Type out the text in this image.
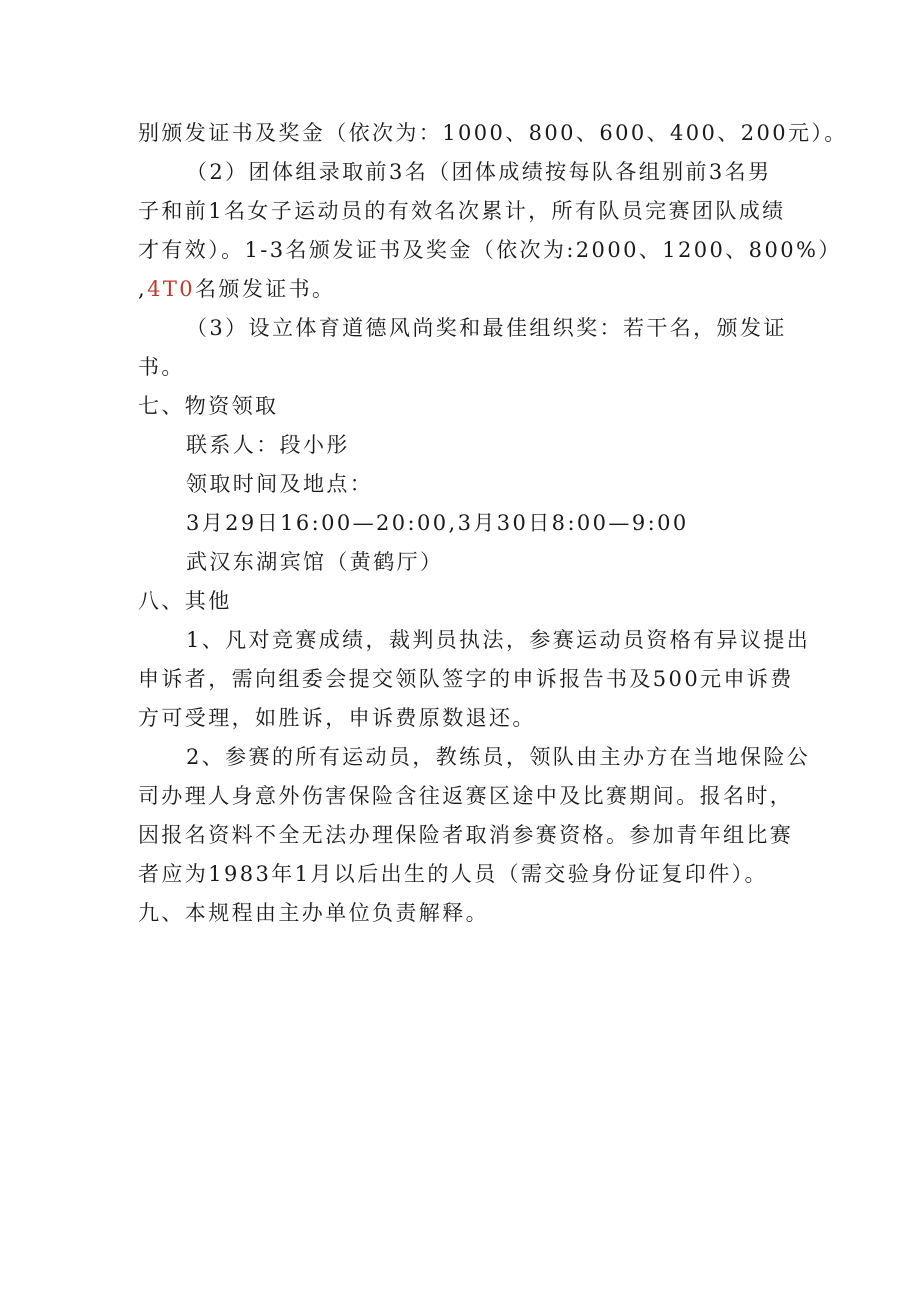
别颁发证书及奖金（依次为：1000、800、600、400、200元）。
（2）团体组录取前3名（团体成绩按每队各组别前3名男
子和前1名女子运动员的有效名次累计，所有队员完赛团队成绩
才有效）。1-3名颁发证书及奖金（依次为:2000、1200、800%）
,4T0名颁发证书。
（3）设立体育道德风尚奖和最佳组织奖：若干名，颁发证
书。
七、物资领取
联系人：段小彤
领取时间及地点：
3月29日16:00—20:00,3月30日8:00—9:00
武汉东湖宾馆（黄鹤厅）
八、其他
1、凡对竞赛成绩，裁判员执法，参赛运动员资格有异议提出
申诉者，需向组委会提交领队签字的申诉报告书及500元申诉费
方可受理，如胜诉，申诉费原数退还。
2、参赛的所有运动员，教练员，领队由主办方在当地保险公
司办理人身意外伤害保险含往返赛区途中及比赛期间。报名时，
因报名资料不全无法办理保险者取消参赛资格。参加青年组比赛
者应为1983年1月以后出生的人员（需交验身份证复印件）。
九、本规程由主办单位负责解释。
